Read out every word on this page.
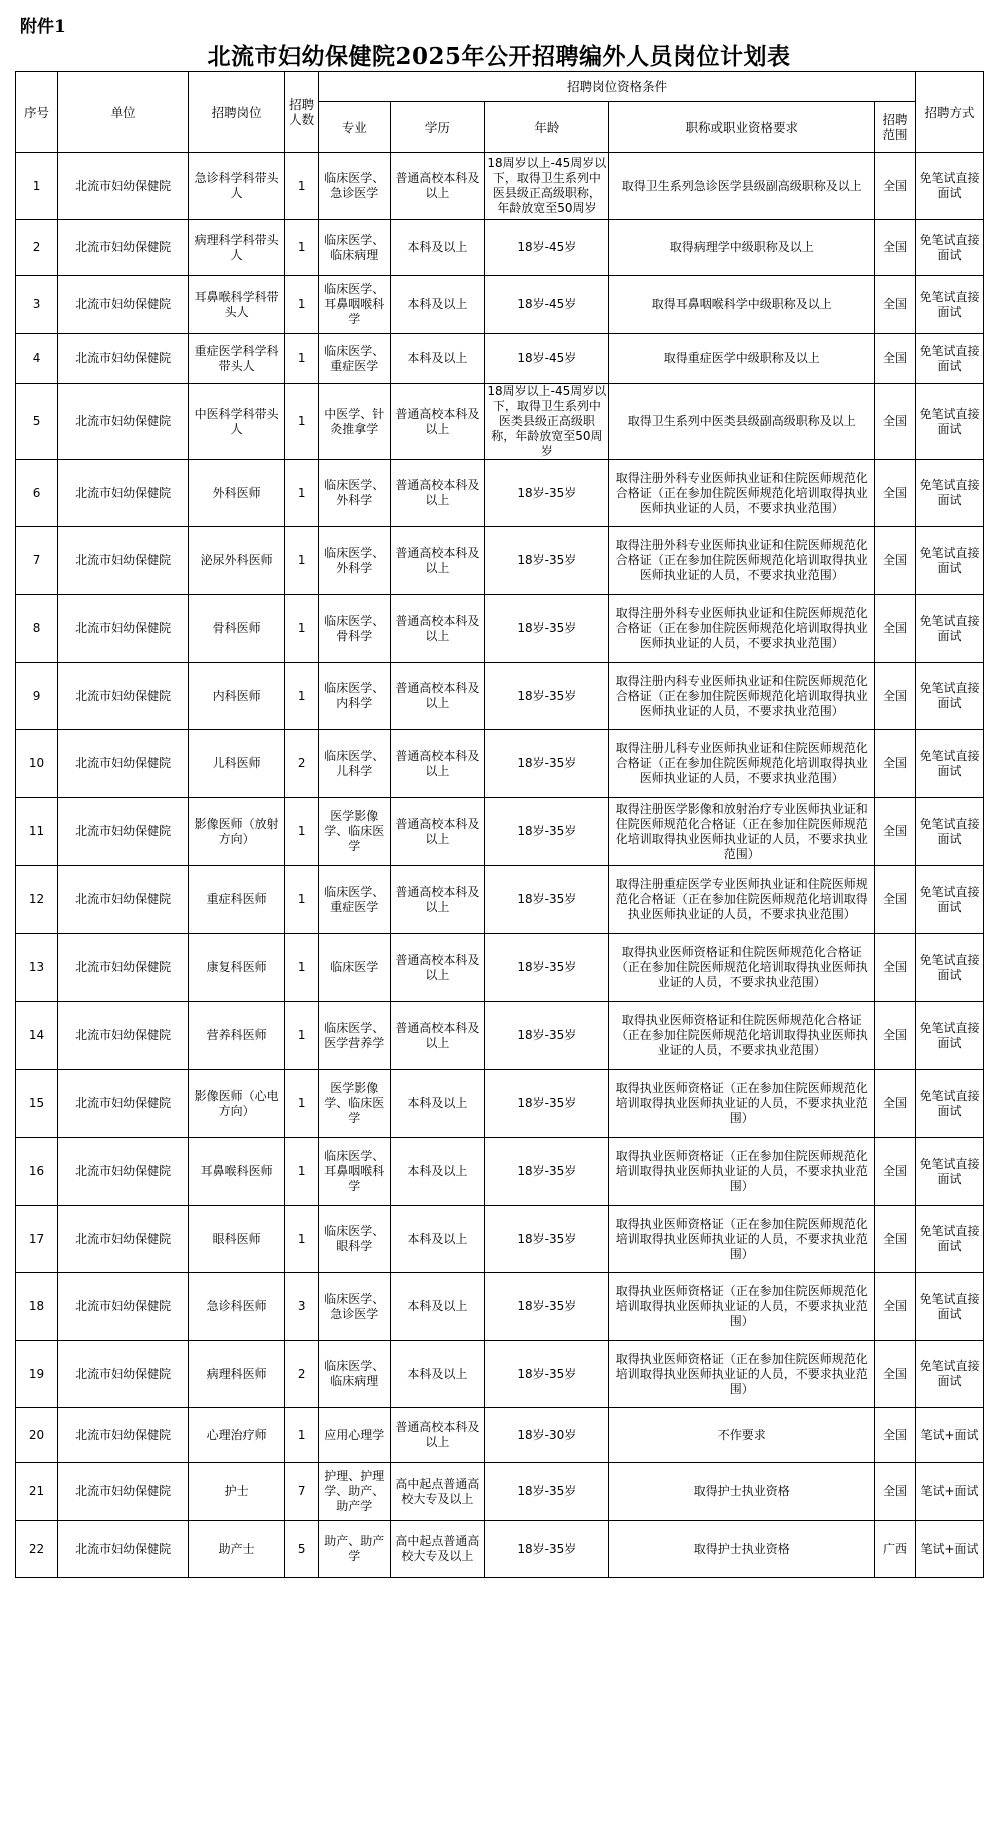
附件1
北流市妇幼保健院2025年公开招聘编外人员岗位计划表
序号	单位	招聘岗位	招聘人数	招聘岗位资格条件					招聘方式
				专业	学历	年龄	职称或职业资格要求	招聘范围	
1	北流市妇幼保健院	急诊科学科带头人	1	临床医学、急诊医学	普通高校本科及以上	18周岁以上-45周岁以下，取得卫生系列中医县级正高级职称，年龄放宽至50周岁	取得卫生系列急诊医学县级副高级职称及以上	全国	免笔试直接面试
2	北流市妇幼保健院	病理科学科带头人	1	临床医学、临床病理	本科及以上	18岁-45岁	取得病理学中级职称及以上	全国	免笔试直接面试
3	北流市妇幼保健院	耳鼻喉科学科带头人	1	临床医学、耳鼻咽喉科学	本科及以上	18岁-45岁	取得耳鼻咽喉科学中级职称及以上	全国	免笔试直接面试
4	北流市妇幼保健院	重症医学科学科带头人	1	临床医学、重症医学	本科及以上	18岁-45岁	取得重症医学中级职称及以上	全国	免笔试直接面试
5	北流市妇幼保健院	中医科学科带头人	1	中医学、针灸推拿学	普通高校本科及以上	18周岁以上-45周岁以下，取得卫生系列中医类县级正高级职称，年龄放宽至50周岁	取得卫生系列中医类县级副高级职称及以上	全国	免笔试直接面试
6	北流市妇幼保健院	外科医师	1	临床医学、外科学	普通高校本科及以上	18岁-35岁	取得注册外科专业医师执业证和住院医师规范化合格证（正在参加住院医师规范化培训取得执业医师执业证的人员，不要求执业范围）	全国	免笔试直接面试
7	北流市妇幼保健院	泌尿外科医师	1	临床医学、外科学	普通高校本科及以上	18岁-35岁	取得注册外科专业医师执业证和住院医师规范化合格证（正在参加住院医师规范化培训取得执业医师执业证的人员，不要求执业范围）	全国	免笔试直接面试
8	北流市妇幼保健院	骨科医师	1	临床医学、骨科学	普通高校本科及以上	18岁-35岁	取得注册外科专业医师执业证和住院医师规范化合格证（正在参加住院医师规范化培训取得执业医师执业证的人员，不要求执业范围）	全国	免笔试直接面试
9	北流市妇幼保健院	内科医师	1	临床医学、内科学	普通高校本科及以上	18岁-35岁	取得注册内科专业医师执业证和住院医师规范化合格证（正在参加住院医师规范化培训取得执业医师执业证的人员，不要求执业范围）	全国	免笔试直接面试
10	北流市妇幼保健院	儿科医师	2	临床医学、儿科学	普通高校本科及以上	18岁-35岁	取得注册儿科专业医师执业证和住院医师规范化合格证（正在参加住院医师规范化培训取得执业医师执业证的人员，不要求执业范围）	全国	免笔试直接面试
11	北流市妇幼保健院	影像医师（放射方向）	1	医学影像学、临床医学	普通高校本科及以上	18岁-35岁	取得注册医学影像和放射治疗专业医师执业证和住院医师规范化合格证（正在参加住院医师规范化培训取得执业医师执业证的人员，不要求执业范围）	全国	免笔试直接面试
12	北流市妇幼保健院	重症科医师	1	临床医学、重症医学	普通高校本科及以上	18岁-35岁	取得注册重症医学专业医师执业证和住院医师规范化合格证（正在参加住院医师规范化培训取得执业医师执业证的人员，不要求执业范围）	全国	免笔试直接面试
13	北流市妇幼保健院	康复科医师	1	临床医学	普通高校本科及以上	18岁-35岁	取得执业医师资格证和住院医师规范化合格证（正在参加住院医师规范化培训取得执业医师执业证的人员，不要求执业范围）	全国	免笔试直接面试
14	北流市妇幼保健院	营养科医师	1	临床医学、医学营养学	普通高校本科及以上	18岁-35岁	取得执业医师资格证和住院医师规范化合格证（正在参加住院医师规范化培训取得执业医师执业证的人员，不要求执业范围）	全国	免笔试直接面试
15	北流市妇幼保健院	影像医师（心电方向）	1	医学影像学、临床医学	本科及以上	18岁-35岁	取得执业医师资格证（正在参加住院医师规范化培训取得执业医师执业证的人员，不要求执业范围）	全国	免笔试直接面试
16	北流市妇幼保健院	耳鼻喉科医师	1	临床医学、耳鼻咽喉科学	本科及以上	18岁-35岁	取得执业医师资格证（正在参加住院医师规范化培训取得执业医师执业证的人员，不要求执业范围）	全国	免笔试直接面试
17	北流市妇幼保健院	眼科医师	1	临床医学、眼科学	本科及以上	18岁-35岁	取得执业医师资格证（正在参加住院医师规范化培训取得执业医师执业证的人员，不要求执业范围）	全国	免笔试直接面试
18	北流市妇幼保健院	急诊科医师	3	临床医学、急诊医学	本科及以上	18岁-35岁	取得执业医师资格证（正在参加住院医师规范化培训取得执业医师执业证的人员，不要求执业范围）	全国	免笔试直接面试
19	北流市妇幼保健院	病理科医师	2	临床医学、临床病理	本科及以上	18岁-35岁	取得执业医师资格证（正在参加住院医师规范化培训取得执业医师执业证的人员，不要求执业范围）	全国	免笔试直接面试
20	北流市妇幼保健院	心理治疗师	1	应用心理学	普通高校本科及以上	18岁-30岁	不作要求	全国	笔试+面试
21	北流市妇幼保健院	护士	7	护理、护理学、助产、助产学	高中起点普通高校大专及以上	18岁-35岁	取得护士执业资格	全国	笔试+面试
22	北流市妇幼保健院	助产士	5	助产、助产学	高中起点普通高校大专及以上	18岁-35岁	取得护士执业资格	广西	笔试+面试
